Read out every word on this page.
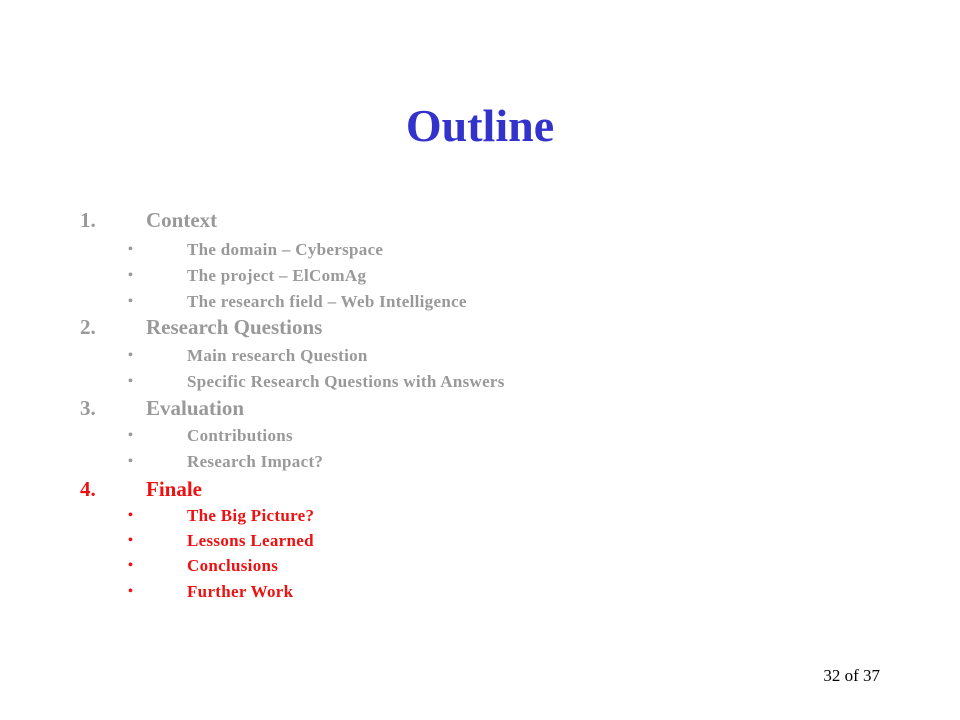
Outline
1.	Context
•	The domain – Cyberspace
•	The project – ElComAg
•	The research field – Web Intelligence
2.	Research Questions
•	Main research Question
•	Specific Research Questions with Answers
3.	Evaluation
•	Contributions
•	Research Impact?
4.	Finale
•	The Big Picture?
•	Lessons Learned
•	Conclusions
•	Further Work
32 of 37
